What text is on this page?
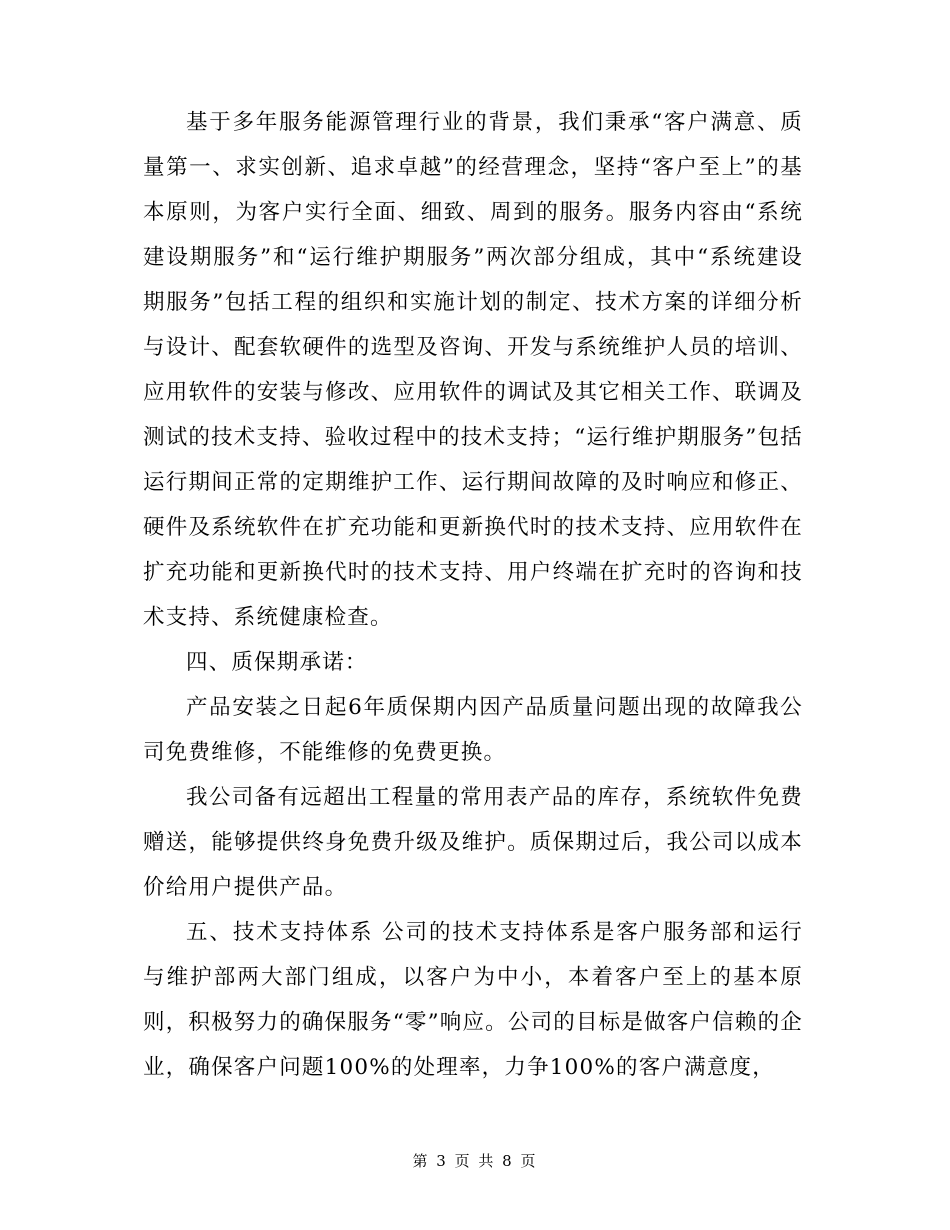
基于多年服务能源管理行业的背景，我们秉承“客户满意、质量第一、求实创新、追求卓越”的经营理念，坚持“客户至上”的基本原则，为客户实行全面、细致、周到的服务。服务内容由“系统建设期服务”和“运行维护期服务”两次部分组成，其中“系统建设期服务”包括工程的组织和实施计划的制定、技术方案的详细分析与设计、配套软硬件的选型及咨询、开发与系统维护人员的培训、应用软件的安装与修改、应用软件的调试及其它相关工作、联调及测试的技术支持、验收过程中的技术支持；“运行维护期服务”包括运行期间正常的定期维护工作、运行期间故障的及时响应和修正、硬件及系统软件在扩充功能和更新换代时的技术支持、应用软件在扩充功能和更新换代时的技术支持、用户终端在扩充时的咨询和技术支持、系统健康检查。

四、质保期承诺：

产品安装之日起6年质保期内因产品质量问题出现的故障我公司免费维修，不能维修的免费更换。

我公司备有远超出工程量的常用表产品的库存，系统软件免费赠送，能够提供终身免费升级及维护。质保期过后，我公司以成本价给用户提供产品。

五、技术支持体系 公司的技术支持体系是客户服务部和运行与维护部两大部门组成，以客户为中小，本着客户至上的基本原则，积极努力的确保服务“零”响应。公司的目标是做客户信赖的企业，确保客户问题100%的处理率，力争100%的客户满意度，

第 3 页 共 8 页
